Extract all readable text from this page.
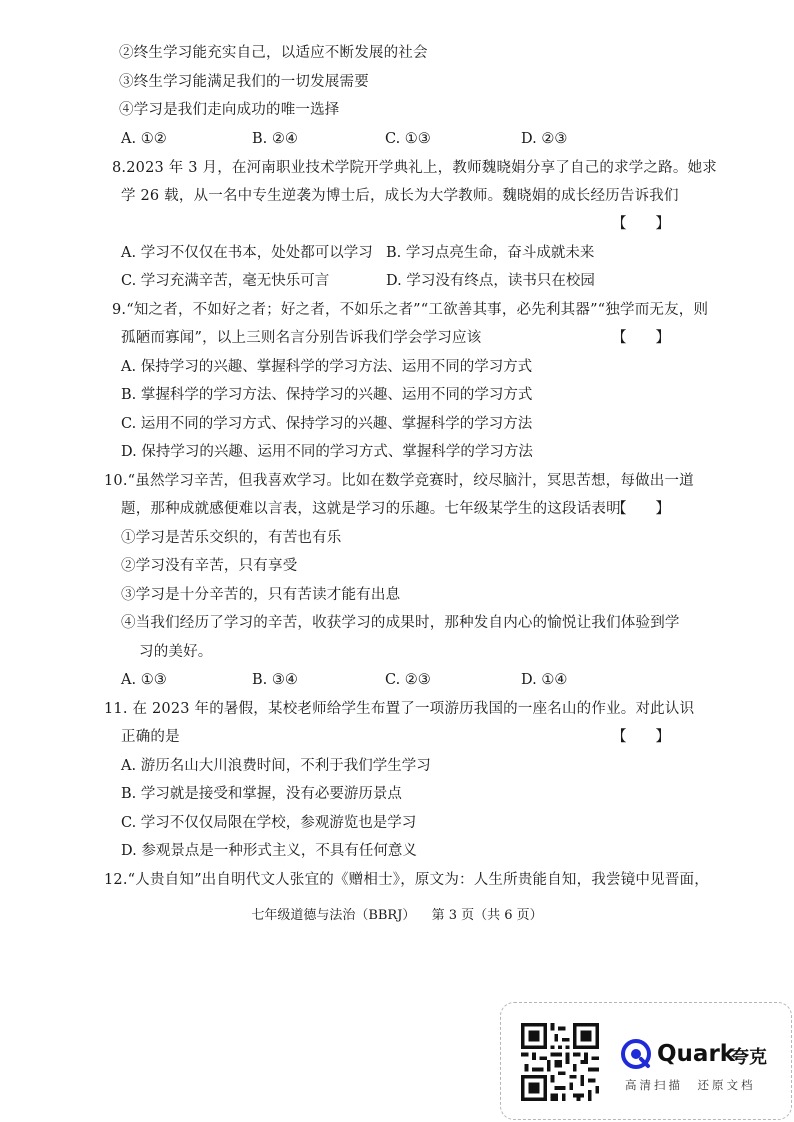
②终生学习能充实自己，以适应不断发展的社会
③终生学习能满足我们的一切发展需要
④学习是我们走向成功的唯一选择
A. ①②	B. ②④	C. ①③	D. ②③
8.2023 年 3 月，在河南职业技术学院开学典礼上，教师魏晓娟分享了自己的求学之路。她求
学 26 载，从一名中专生逆袭为博士后，成长为大学教师。魏晓娟的成长经历告诉我们
【　　】
A. 学习不仅仅在书本，处处都可以学习 B. 学习点亮生命，奋斗成就未来
C. 学习充满辛苦，毫无快乐可言	D. 学习没有终点，读书只在校园
9.“知之者，不如好之者；好之者，不如乐之者”“工欲善其事，必先利其器”“独学而无友，则
孤陋而寡闻”，以上三则名言分别告诉我们学会学习应该	【　　】
A. 保持学习的兴趣、掌握科学的学习方法、运用不同的学习方式
B. 掌握科学的学习方法、保持学习的兴趣、运用不同的学习方式
C. 运用不同的学习方式、保持学习的兴趣、掌握科学的学习方法
D. 保持学习的兴趣、运用不同的学习方式、掌握科学的学习方法
10.“虽然学习辛苦，但我喜欢学习。比如在数学竞赛时，绞尽脑汁，冥思苦想，每做出一道
题，那种成就感便难以言表，这就是学习的乐趣。七年级某学生的这段话表明
【　　】
①学习是苦乐交织的，有苦也有乐
②学习没有辛苦，只有享受
③学习是十分辛苦的，只有苦读才能有出息
④当我们经历了学习的辛苦，收获学习的成果时，那种发自内心的愉悦让我们体验到学
习的美好。
A. ①③	B. ③④	C. ②③	D. ①④
11. 在 2023 年的暑假，某校老师给学生布置了一项游历我国的一座名山的作业。对此认识
正确的是	【　　】
A. 游历名山大川浪费时间，不利于我们学生学习
B. 学习就是接受和掌握，没有必要游历景点
C. 学习不仅仅局限在学校，参观游览也是学习
D. 参观景点是一种形式主义，不具有任何意义
12.“人贵自知”出自明代文人张宜的《赠相士》，原文为：人生所贵能自知，我尝镜中见晋面，
七年级道德与法治（BBRJ） 第 3 页（共 6 页）
Quark
夸克
高清扫描　还原文档
